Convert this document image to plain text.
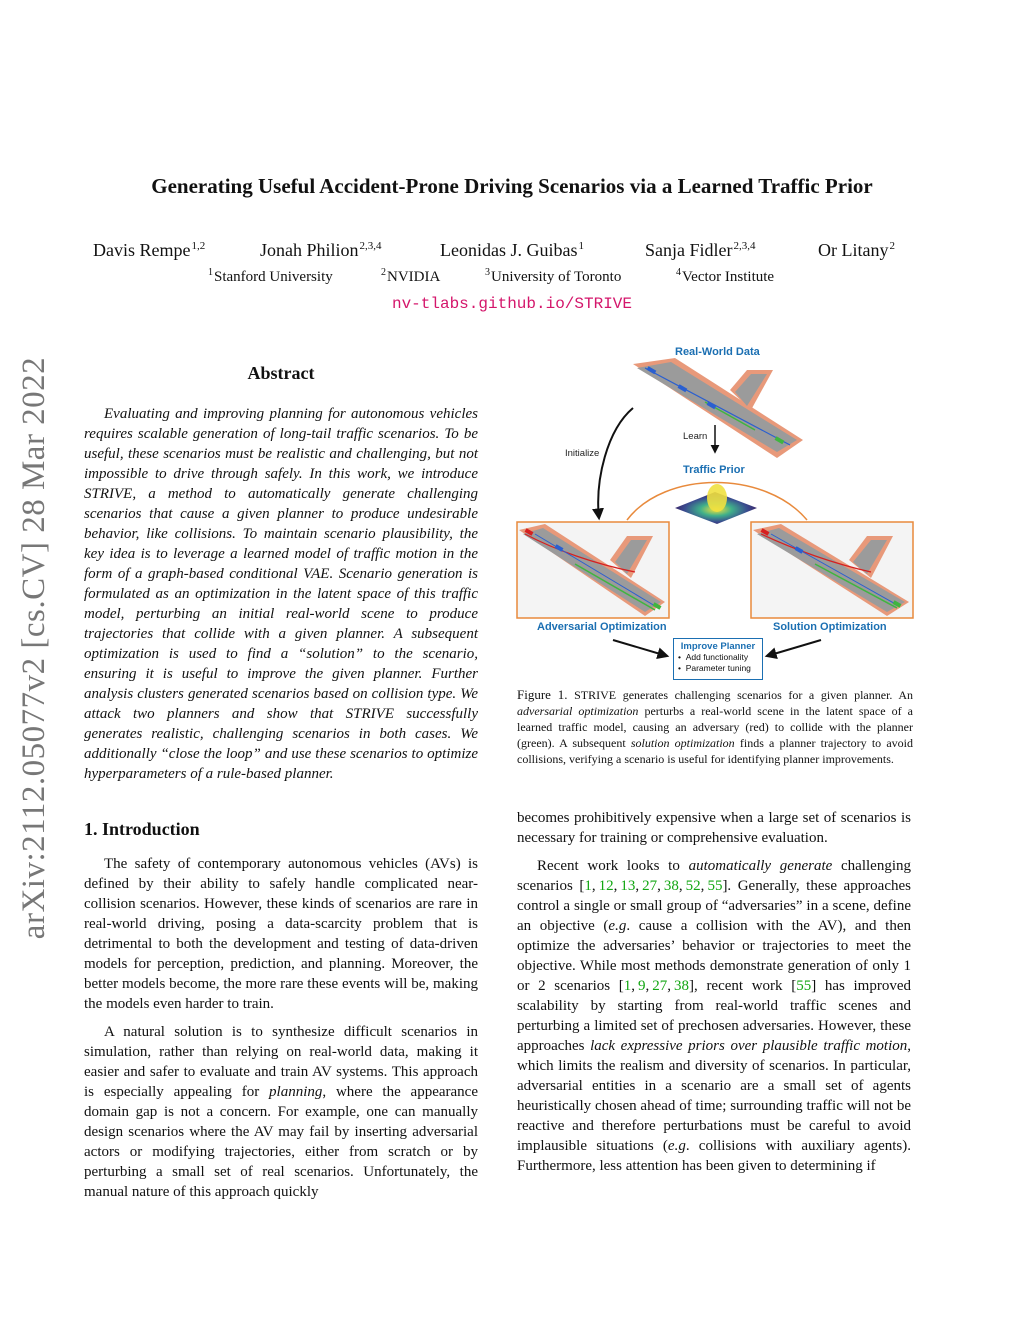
Generating Useful Accident-Prone Driving Scenarios via a Learned Traffic Prior
Davis Rempe$^{1,2}$	Jonah Philion$^{2,3,4}$	Leonidas J. Guibas$^1$	Sanja Fidler$^{2,3,4}$	Or Litany$^2$
$^1$Stanford University	$^2$NVIDIA	$^3$University of Toronto	$^4$Vector Institute
nv-tlabs.github.io/STRIVE
arXiv:2112.05077v2 [cs.CV] 28 Mar 2022	Abstract
Evaluating and improving planning for autonomous vehicles requires scalable generation of long-tail traffic scenarios. To be useful, these scenarios must be realistic and challenging, but not impossible to drive through safely. In this work, we introduce STRIVE, a method to automatically generate challenging scenarios that cause a given planner to produce undesirable behavior, like collisions. To maintain scenario plausibility, the key idea is to leverage a learned model of traffic motion in the form of a graph-based conditional VAE. Scenario generation is formulated as an optimization in the latent space of this traffic model, perturbing an initial real-world scene to produce trajectories that collide with a given planner. A subsequent optimization is used to find a “solution” to the scenario, ensuring it is useful to improve the given planner. Further analysis clusters generated scenarios based on collision type. We attack two planners and show that STRIVE successfully generates realistic, challenging scenarios in both cases. We additionally “close the loop” and use these scenarios to optimize hyperparameters of a rule-based planner.
1. Introduction

The safety of contemporary autonomous vehicles (AVs) is defined by their ability to safely handle complicated near-collision scenarios. However, these kinds of scenarios are rare in real-world driving, posing a data-scarcity problem that is detrimental to both the development and testing of data-driven models for perception, prediction, and planning. Moreover, the better models become, the more rare these events will be, making the models even harder to train.

A natural solution is to synthesize difficult scenarios in simulation, rather than relying on real-world data, making it easier and safer to evaluate and train AV systems. This approach is especially appealing for planning, where the appearance domain gap is not a concern. For example, one can manually design scenarios where the AV may fail by inserting adversarial actors or modifying trajectories, either from scratch or by perturbing a small set of real scenarios. Unfortunately, the manual nature of this approach quickly

becomes prohibitively expensive when a large set of scenarios is necessary for training or comprehensive evaluation.

Recent work looks to automatically generate challenging scenarios [1, 12, 13, 27, 38, 52, 55]. Generally, these approaches control a single or small group of “adversaries” in a scene, define an objective (e.g. cause a collision with the AV), and then optimize the adversaries’ behavior or trajectories to meet the objective. While most methods demonstrate generation of only 1 or 2 scenarios [1, 9, 27, 38], recent work [55] has improved scalability by starting from real-world traffic scenes and perturbing a limited set of prechosen adversaries. However, these approaches lack expressive priors over plausible traffic motion, which limits the realism and diversity of scenarios. In particular, adversarial entities in a scenario are a small set of agents heuristically chosen ahead of time; surrounding traffic will not be reactive and therefore perturbations must be careful to avoid implausible situations (e.g. collisions with auxiliary agents). Furthermore, less attention has been given to determining if

Real-World Data
Learn
Initialize
Traffic Prior
Adversarial Optimization	Solution Optimization
Improve Planner
•  Add functionality
•  Parameter tuning
Figure 1. STRIVE generates challenging scenarios for a given planner. An adversarial optimization perturbs a real-world scene in the latent space of a learned traffic model, causing an adversary (red) to collide with the planner (green). A subsequent solution optimization finds a planner trajectory to avoid collisions, verifying a scenario is useful for identifying planner improvements.
